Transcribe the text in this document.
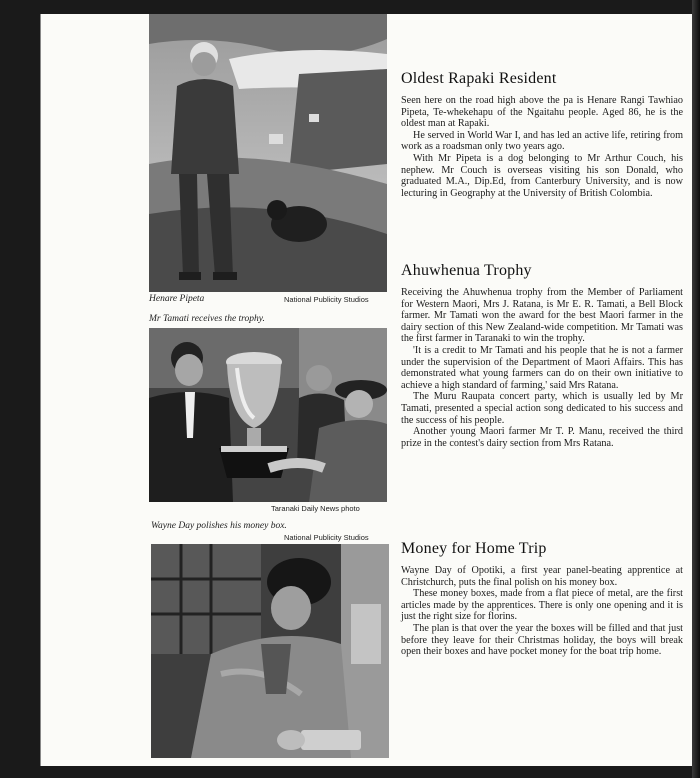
Henare Pipeta	National Publicity Studios
Mr Tamati receives the trophy.
Taranaki Daily News photo
Wayne Day polishes his money box.
National Publicity Studios
Oldest Rapaki Resident

Seen here on the road high above the pa is Henare Rangi Tawhiao Pipeta, Te-whekehapu of the Ngaitahu people. Aged 86, he is the oldest man at Rapaki.

He served in World War I, and has led an active life, retiring from work as a roadsman only two years ago.

With Mr Pipeta is a dog belonging to Mr Arthur Couch, his nephew. Mr Couch is overseas visiting his son Donald, who graduated M.A., Dip.Ed, from Canterbury University, and is now lecturing in Geography at the University of British Colombia.

Ahuwhenua Trophy

Receiving the Ahuwhenua trophy from the Member of Parliament for Western Maori, Mrs J. Ratana, is Mr E. R. Tamati, a Bell Block farmer. Mr Tamati won the award for the best Maori farmer in the dairy section of this New Zealand-wide competition. Mr Tamati was the first farmer in Taranaki to win the trophy.

'It is a credit to Mr Tamati and his people that he is not a farmer under the supervision of the Department of Maori Affairs. This has demonstrated what young farmers can do on their own initiative to achieve a high standard of farming,' said Mrs Ratana.

The Muru Raupata concert party, which is usually led by Mr Tamati, presented a special action song dedicated to his success and the success of his people.

Another young Maori farmer Mr T. P. Manu, received the third prize in the contest's dairy section from Mrs Ratana.

Money for Home Trip

Wayne Day of Opotiki, a first year panel-beating apprentice at Christchurch, puts the final polish on his money box.

These money boxes, made from a flat piece of metal, are the first articles made by the apprentices. There is only one opening and it is just the right size for florins.

The plan is that over the year the boxes will be filled and that just before they leave for their Christmas holiday, the boys will break open their boxes and have pocket money for the boat trip home.
